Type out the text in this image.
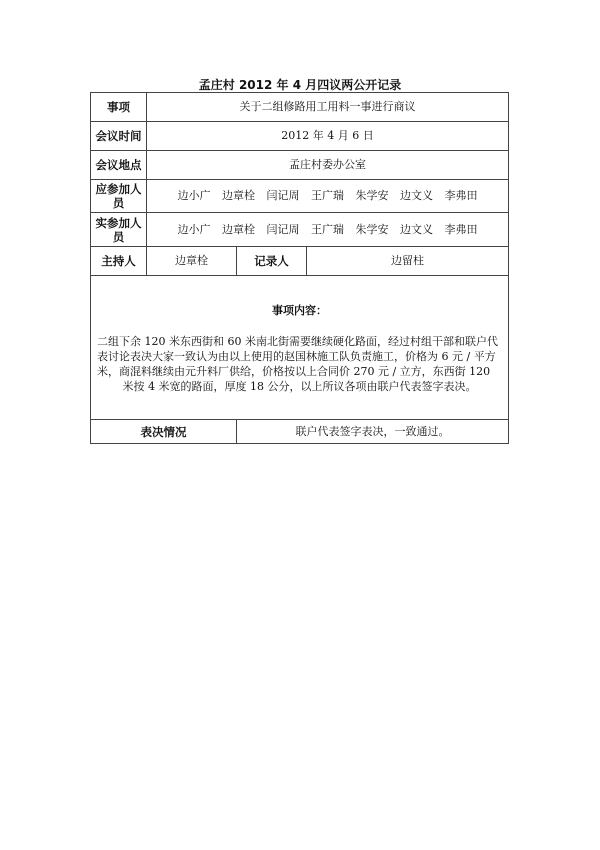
孟庄村 2012 年 4 月四议两公开记录
事项	关于二组修路用工用料一事进行商议		
会议时间	2012 年 4 月 6 日		
会议地点	孟庄村委办公室		

应参加人
员	边小广 边章栓 闫记周 王广瑞 朱学安 边文义 李弗田		

实参加人
员	边小广 边章栓 闫记周 王广瑞 朱学安 边文义 李弗田		
主持人	边章栓	记录人	边留柱

事项内容：
二组下余 120 米东西街和 60 米南北街需要继续硬化路面，经过村组干部和联户代表讨论表决大家一致认为由以上使用的赵国林施工队负责施工，价格为 6 元 / 平方米，商混料继续由元升料厂供给，价格按以上合同价 270 元 / 立方，东西街 120 米按 4 米宽的路面，厚度 18 公分，以上所议各项由联户代表签字表决。			

表决情况		联户代表签字表决，一致通过。	
